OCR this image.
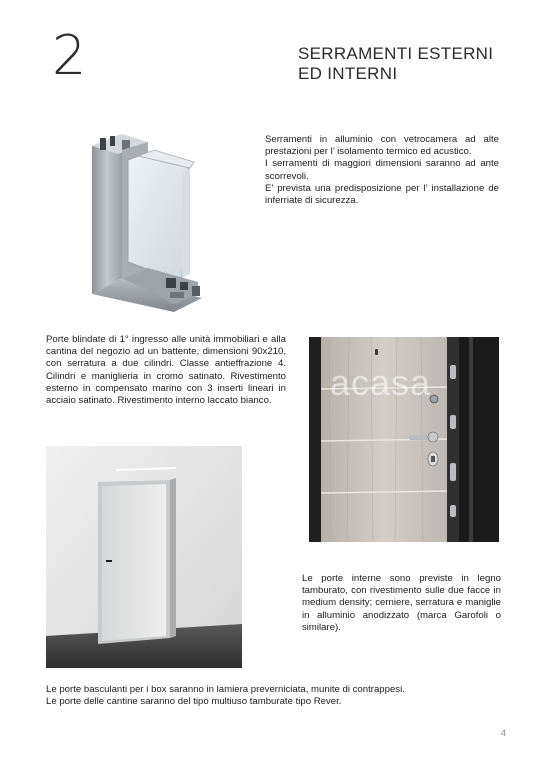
2	SERRAMENTI ESTERNI
ED INTERNI
Serramenti in alluminio con vetrocamera ad alte prestazioni per l’ isolamento termico ed acustico.
I serramenti di maggiori dimensioni saranno ad ante scorrevoli.
E’ prevista una predisposizione per l’ installazione de inferriate di sicurezza.
Porte blindate di 1° ingresso alle unità immobiliari e alla cantina del negozio ad un battente, dimensioni 90x210, con serratura a due cilindri. Classe antieffrazione 4. Cilindri e maniglieria in cromo satinato. Rivestimento esterno in compensato marino con 3 inserti lineari in acciaio satinato. Rivestimento interno laccato bianco.	acasa
Le porte interne sono previste in legno tamburato, con rivestimento sulle due facce in medium density; cerniere, serratura e maniglie in alluminio anodizzato (marca Garofoli o similare).
Le porte basculanti per i box saranno in lamiera preverniciata, munite di contrappesi.
Le porte delle cantine saranno del tipo multiuso tamburate tipo Rever.
4
